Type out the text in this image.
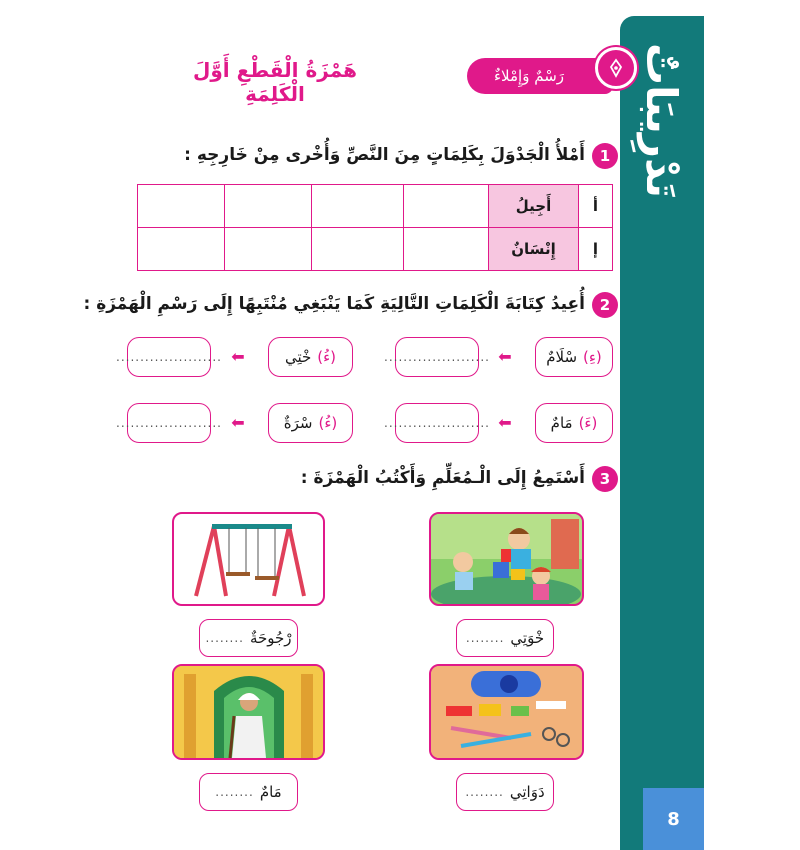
تَدْرِيبَاتٌ
8
رَسْمٌ وَإِمْلاءٌ
هَمْزَةُ الْقَطْعِ أَوَّلَ الْكَلِمَةِ
1
أَمْلأُ الْجَدْوَلَ بِكَلِمَاتٍ مِنَ النَّصِّ وَأُخْرى مِنْ خَارِجِهِ :
				أَجِيلُ	أ
				إِنْسَانٌ	إ
2
أُعِيدُ كِتَابَةَ الْكَلِمَاتِ التَّالِيَةِ كَمَا يَنْبَغِي مُنْتَبِهًا إِلَى رَسْمِ الْهَمْزَةِ :
(ءِ)
سْلَامٌ
⬅
......................
(ءُ)
خْتِي
⬅
......................
(ءَ)
مَامٌ
⬅
......................
(ءُ)
سْرَةٌ
⬅
......................
3
أَسْتَمِعُ إِلَى الْـمُعَلِّمِ وَأَكْتُبُ الْهَمْزَةَ :
خْوَتِي
........
رْجُوحَةٌ
........
دَوَاتِي
........
مَامٌ
........
